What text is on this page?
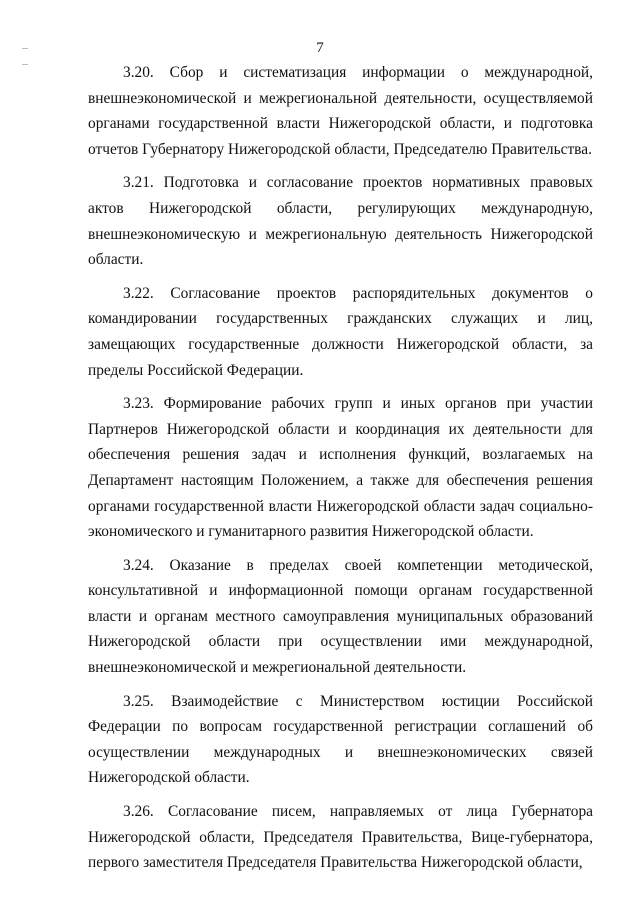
7

3.20. Сбор и систематизация информации о международной, внешнеэкономической и межрегиональной деятельности, осуществляемой органами государственной власти Нижегородской области, и подготовка отчетов Губернатору Нижегородской области, Председателю Правительства.

3.21. Подготовка и согласование проектов нормативных правовых актов Нижегородской области, регулирующих международную, внешнеэкономическую и межрегиональную деятельность Нижегородской области.

3.22. Согласование проектов распорядительных документов о командировании государственных гражданских служащих и лиц, замещающих государственные должности Нижегородской области, за пределы Российской Федерации.

3.23. Формирование рабочих групп и иных органов при участии Партнеров Нижегородской области и координация их деятельности для обеспечения решения задач и исполнения функций, возлагаемых на Департамент настоящим Положением, а также для обеспечения решения органами государственной власти Нижегородской области задач социально-экономического и гуманитарного развития Нижегородской области.

3.24. Оказание в пределах своей компетенции методической, консультативной и информационной помощи органам государственной власти и органам местного самоуправления муниципальных образований Нижегородской области при осуществлении ими международной, внешнеэкономической и межрегиональной деятельности.

3.25. Взаимодействие с Министерством юстиции Российской Федерации по вопросам государственной регистрации соглашений об осуществлении международных и внешнеэкономических связей Нижегородской области.

3.26. Согласование писем, направляемых от лица Губернатора Нижегородской области, Председателя Правительства, Вице-губернатора, первого заместителя Председателя Правительства Нижегородской области,
